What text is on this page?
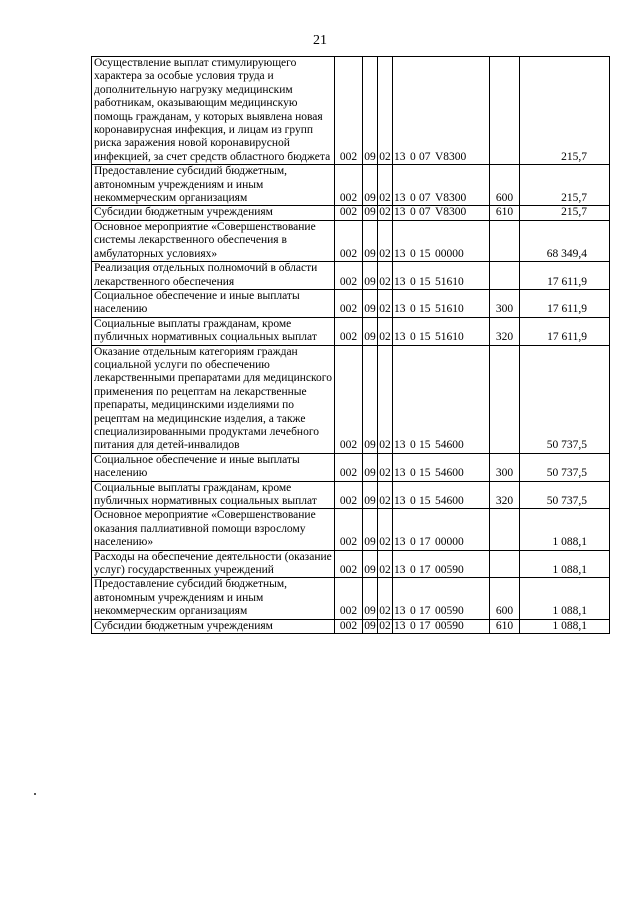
21
Осуществление выплат стимулирующего характера за особые условия труда и дополнительную нагрузку медицинским работникам, оказывающим медицинскую помощь гражданам, у которых выявлена новая коронавирусная инфекция, и лицам из групп риска заражения новой коронавирусной инфекцией, за счет средств областного бюджета	002	09	02	13 0 07 V8300		215,7
Предоставление субсидий бюджетным, автономным учреждениям и иным некоммерческим организациям	002	09	02	13 0 07 V8300	600	215,7
Субсидии бюджетным учреждениям	002	09	02	13 0 07 V8300	610	215,7
Основное мероприятие «Совершенствование системы лекарственного обеспечения в амбулаторных условиях»	002	09	02	13 0 15 00000		68 349,4
Реализация отдельных полномочий в области лекарственного обеспечения	002	09	02	13 0 15 51610		17 611,9
Социальное обеспечение и иные выплаты населению	002	09	02	13 0 15 51610	300	17 611,9
Социальные выплаты гражданам, кроме публичных нормативных социальных выплат	002	09	02	13 0 15 51610	320	17 611,9
Оказание отдельным категориям граждан социальной услуги по обеспечению лекарственными препаратами для медицинского применения по рецептам на лекарственные препараты, медицинскими изделиями по рецептам на медицинские изделия, а также специализированными продуктами лечебного питания для детей-инвалидов	002	09	02	13 0 15 54600		50 737,5
Социальное обеспечение и иные выплаты населению	002	09	02	13 0 15 54600	300	50 737,5
Социальные выплаты гражданам, кроме публичных нормативных социальных выплат	002	09	02	13 0 15 54600	320	50 737,5
Основное мероприятие «Совершенствование оказания паллиативной помощи взрослому населению»	002	09	02	13 0 17 00000		1 088,1
Расходы на обеспечение деятельности (оказание услуг) государственных учреждений	002	09	02	13 0 17 00590		1 088,1
Предоставление субсидий бюджетным, автономным учреждениям и иным некоммерческим организациям	002	09	02	13 0 17 00590	600	1 088,1
Субсидии бюджетным учреждениям	002	09	02	13 0 17 00590	610	1 088,1
